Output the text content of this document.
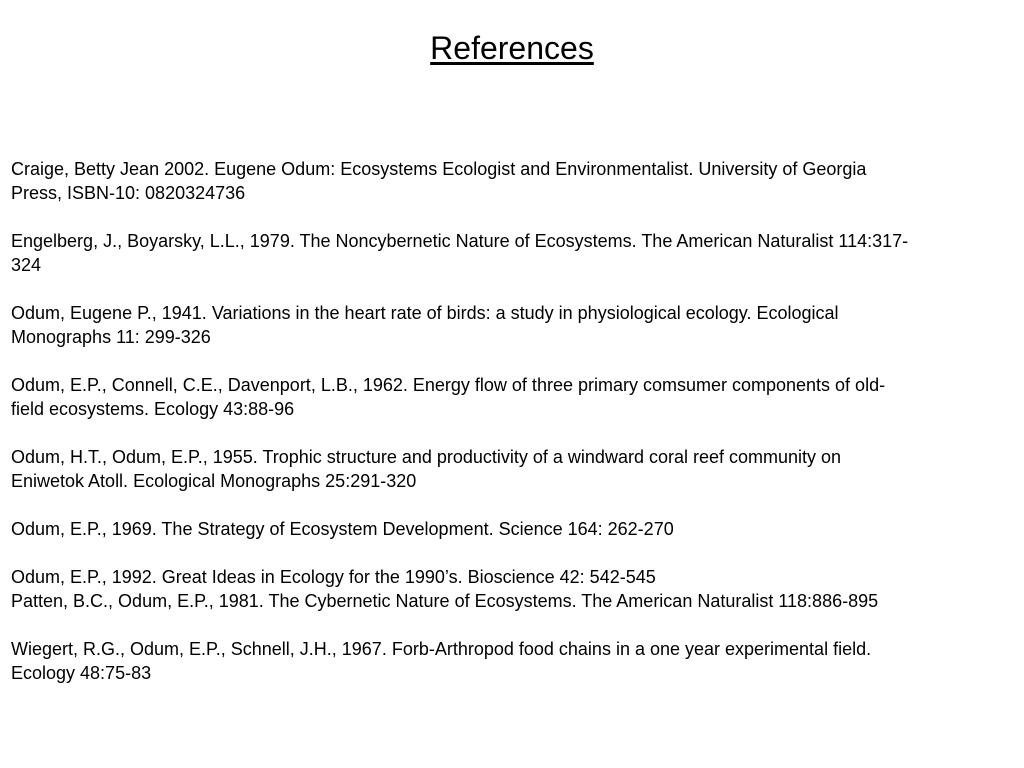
References
Craige, Betty Jean 2002. Eugene Odum: Ecosystems Ecologist and Environmentalist. University of Georgia
Press, ISBN-10: 0820324736
Engelberg, J., Boyarsky, L.L., 1979. The Noncybernetic Nature of Ecosystems. The American Naturalist 114:317-
324
Odum, Eugene P., 1941. Variations in the heart rate of birds: a study in physiological ecology. Ecological
Monographs 11: 299-326
Odum, E.P., Connell, C.E., Davenport, L.B., 1962. Energy flow of three primary comsumer components of old-
field ecosystems. Ecology 43:88-96
Odum, H.T., Odum, E.P., 1955. Trophic structure and productivity of a windward coral reef community on
Eniwetok Atoll. Ecological Monographs 25:291-320
Odum, E.P., 1969. The Strategy of Ecosystem Development. Science 164: 262-270
Odum, E.P., 1992. Great Ideas in Ecology for the 1990’s. Bioscience 42: 542-545
Patten, B.C., Odum, E.P., 1981. The Cybernetic Nature of Ecosystems. The American Naturalist 118:886-895
Wiegert, R.G., Odum, E.P., Schnell, J.H., 1967. Forb-Arthropod food chains in a one year experimental field.
Ecology 48:75-83
